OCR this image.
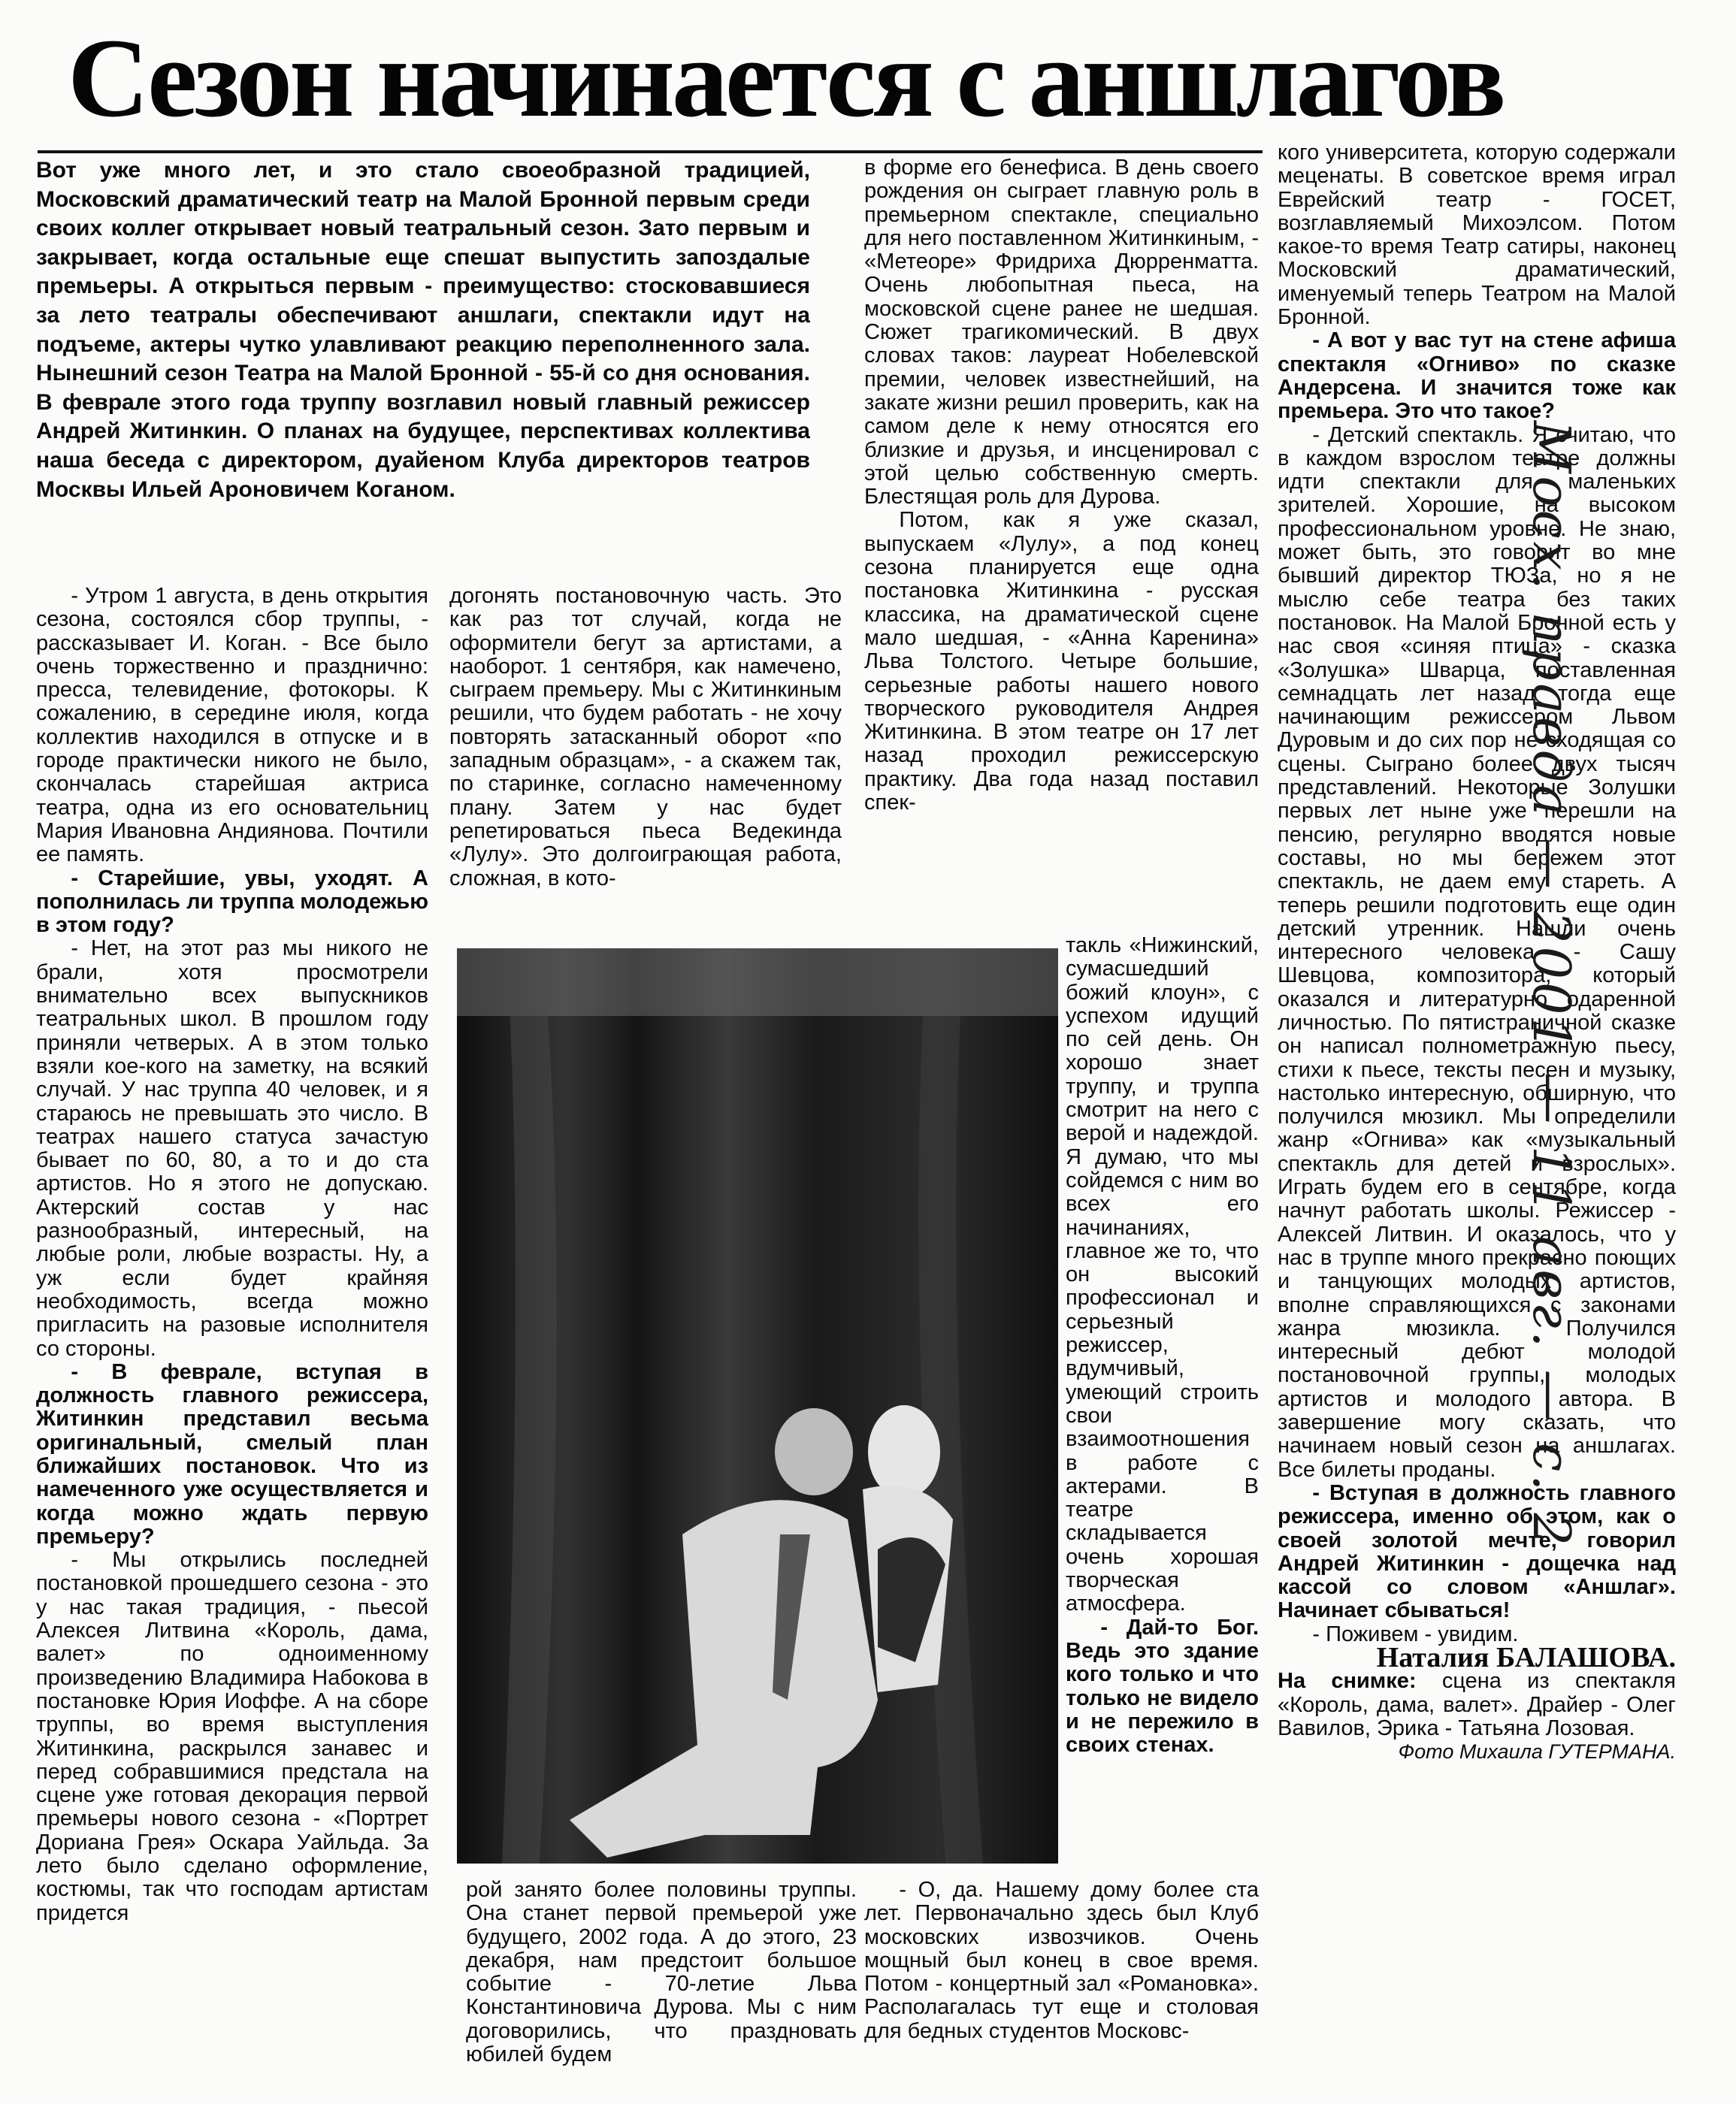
Сезон начинается с аншлагов

Вот уже много лет, и это стало своеобразной традицией, Московский драматический театр на Малой Бронной первым среди своих коллег открывает новый театральный сезон. Зато первым и закрывает, когда остальные еще спешат выпустить запоздалые премьеры. А открыться первым - преимущество: стосковавшиеся за лето театралы обеспечивают аншлаги, спектакли идут на подъеме, актеры чутко улавливают реакцию переполненного зала. Нынешний сезон Театра на Малой Бронной - 55-й со дня основания. В феврале этого года труппу возглавил новый главный режиссер Андрей Житинкин. О планах на будущее, перспективах коллектива наша беседа с директором, дуайеном Клуба директоров театров Москвы Ильей Ароновичем Коганом.

- Утром 1 августа, в день открытия сезона, состоялся сбор труппы, - рассказывает И. Коган. - Все было очень торжественно и празднично: пресса, телевидение, фотокоры. К сожалению, в середине июля, когда коллектив находился в отпуске и в городе практически никого не было, скончалась старейшая актриса театра, одна из его основательниц Мария Ивановна Андиянова. Почтили ее память.

- Старейшие, увы, уходят. А пополнилась ли труппа молодежью в этом году?

- Нет, на этот раз мы никого не брали, хотя просмотрели внимательно всех выпускников театральных школ. В прошлом году приняли четверых. А в этом только взяли кое-кого на заметку, на всякий случай. У нас труппа 40 человек, и я стараюсь не превышать это число. В театрах нашего статуса зачастую бывает по 60, 80, а то и до ста артистов. Но я этого не допускаю. Актерский состав у нас разнообразный, интересный, на любые роли, любые возрасты. Ну, а уж если будет крайняя необходимость, всегда можно пригласить на разовые исполнителя со стороны.

- В феврале, вступая в должность главного режиссера, Житинкин представил весьма оригинальный, смелый план ближайших постановок. Что из намеченного уже осуществляется и когда можно ждать первую премьеру?

- Мы открылись последней постановкой прошедшего сезона - это у нас такая традиция, - пьесой Алексея Литвина «Король, дама, валет» по одноименному произведению Владимира Набокова в постановке Юрия Иоффе. А на сборе труппы, во время выступления Житинкина, раскрылся занавес и перед собравшимися предстала на сцене уже готовая декорация первой премьеры нового сезона - «Портрет Дориана Грея» Оскара Уайльда. За лето было сделано оформление, костюмы, так что господам артистам придется

догонять постановочную часть. Это как раз тот случай, когда не оформители бегут за артистами, а наоборот. 1 сентября, как намечено, сыграем премьеру. Мы с Житинкиным решили, что будем работать - не хочу повторять затасканный оборот «по западным образцам», - а скажем так, по старинке, согласно намеченному плану. Затем у нас будет репетироваться пьеса Ведекинда «Лулу». Это долгоиграющая работа, сложная, в кото-

в форме его бенефиса. В день своего рождения он сыграет главную роль в премьерном спектакле, специально для него поставленном Житинкиным, - «Метеоре» Фридриха Дюрренматта. Очень любопытная пьеса, на московской сцене ранее не шедшая. Сюжет трагикомический. В двух словах таков: лауреат Нобелевской премии, человек известнейший, на закате жизни решил проверить, как на самом деле к нему относятся его близкие и друзья, и инсценировал с этой целью собственную смерть. Блестящая роль для Дурова.

Потом, как я уже сказал, выпускаем «Лулу», а под конец сезона планируется еще одна постановка Житинкина - русская классика, на драматической сцене мало шедшая, - «Анна Каренина» Льва Толстого. Четыре большие, серьезные работы нашего нового творческого руководителя Андрея Житинкина. В этом театре он 17 лет назад проходил режиссерскую практику. Два года назад поставил спек-

такль «Нижинский, сумасшедший божий клоун», с успехом идущий по сей день. Он хорошо знает труппу, и труппа смотрит на него с верой и надеждой. Я думаю, что мы сойдемся с ним во всех его начинаниях, главное же то, что он высокий профессионал и серьезный режиссер, вдумчивый, умеющий строить свои взаимоотношения в работе с актерами. В театре складывается очень хорошая творческая атмосфера.

- Дай-то Бог. Ведь это здание кого только и что только не видело и не пережило в своих стенах.

кого университета, которую содержали меценаты. В советское время играл Еврейский театр - ГОСЕТ, возглавляемый Михоэлсом. Потом какое-то время Театр сатиры, наконец Московский драматический, именуемый теперь Театром на Малой Бронной.

- А вот у вас тут на стене афиша спектакля «Огниво» по сказке Андерсена. И значится тоже как премьера. Это что такое?

- Детский спектакль. Я считаю, что в каждом взрослом театре должны идти спектакли для маленьких зрителей. Хорошие, на высоком профессиональном уровне. Не знаю, может быть, это говорит во мне бывший директор ТЮЗа, но я не мыслю себе театра без таких постановок. На Малой Бронной есть у нас своя «синяя птица» - сказка «Золушка» Шварца, поставленная семнадцать лет назад тогда еще начинающим режиссером Львом Дуровым и до сих пор не сходящая со сцены. Сыграно более двух тысяч представлений. Некоторые Золушки первых лет ныне уже перешли на пенсию, регулярно вводятся новые составы, но мы бережем этот спектакль, не даем ему стареть. А теперь решили подготовить еще один детский утренник. Нашли очень интересного человека - Сашу Шевцова, композитора, который оказался и литературно одаренной личностью. По пятистраничной сказке он написал полнометражную пьесу, стихи к пьесе, тексты песен и музыку, настолько интересную, обширную, что получился мюзикл. Мы определили жанр «Огнива» как «музыкальный спектакль для детей и взрослых». Играть будем его в сентябре, когда начнут работать школы. Режиссер - Алексей Литвин. И оказалось, что у нас в труппе много прекрасно поющих и танцующих молодых артистов, вполне справляющихся с законами жанра мюзикла. Получился интересный дебют молодой постановочной группы, молодых артистов и молодого автора. В завершение могу сказать, что начинаем новый сезон на аншлагах. Все билеты проданы.

- Вступая в должность главного режиссера, именно об этом, как о своей золотой мечте, говорил Андрей Житинкин - дощечка над кассой со словом «Аншлаг». Начинает сбываться!

- Поживем - увидим.

Наталия БАЛАШОВА.

На снимке: сцена из спектакля «Король, дама, валет». Драйер - Олег Вавилов, Эрика - Татьяна Лозовая.

Фото Михаила ГУТЕРМАНА.

рой занято более половины труппы. Она станет первой премьерой уже будущего, 2002 года. А до этого, 23 декабря, нам предстоит большое событие - 70-летие Льва Константиновича Дурова. Мы с ним договорились, что праздновать юбилей будем

- О, да. Нашему дому более ста лет. Первоначально здесь был Клуб московских извозчиков. Очень мощный был конец в свое время. Потом - концертный зал «Романовка». Располагалась тут еще и столовая для бедных студентов Московс-

Мосх. правда — 2001 — 11 авг. — с. 2
